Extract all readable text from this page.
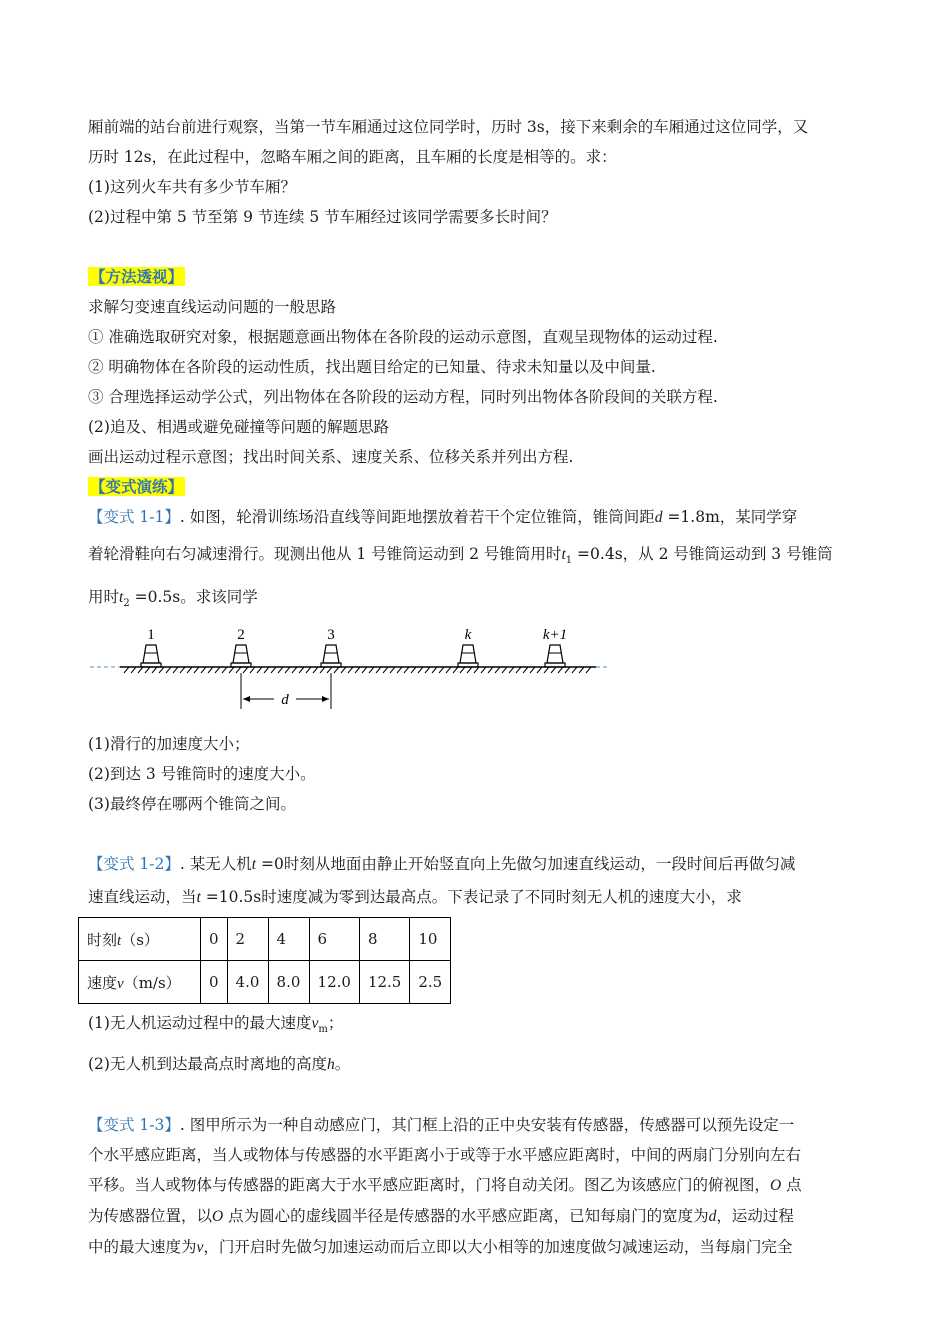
厢前端的站台前进行观察，当第一节车厢通过这位同学时，历时 3s，接下来剩余的车厢通过这位同学，又
历时 12s，在此过程中，忽略车厢之间的距离，且车厢的长度是相等的。求：
(1)这列火车共有多少节车厢？
(2)过程中第 5 节至第 9 节连续 5 节车厢经过该同学需要多长时间？
【方法透视】
求解匀变速直线运动问题的一般思路
① 准确选取研究对象，根据题意画出物体在各阶段的运动示意图，直观呈现物体的运动过程.
② 明确物体在各阶段的运动性质，找出题目给定的已知量、待求未知量以及中间量.
③ 合理选择运动学公式，列出物体在各阶段的运动方程，同时列出物体各阶段间的关联方程.
(2)追及、相遇或避免碰撞等问题的解题思路
画出运动过程示意图；找出时间关系、速度关系、位移关系并列出方程.
【变式演练】
【变式 1-1】. 如图，轮滑训练场沿直线等间距地摆放着若干个定位锥筒，锥筒间距d =1.8m，某同学穿
着轮滑鞋向右匀减速滑行。现测出他从 1 号锥筒运动到 2 号锥筒用时$t_1 =0.4s$，从 2 号锥筒运动到 3 号锥筒
用时$t_2 =0.5s$。求该同学
1	2	3	k	k+1
d
(1)滑行的加速度大小；
(2)到达 3 号锥筒时的速度大小。
(3)最终停在哪两个锥筒之间。
【变式 1-2】. 某无人机t =0时刻从地面由静止开始竖直向上先做匀加速直线运动，一段时间后再做匀减
速直线运动，当t =10.5s时速度减为零到达最高点。下表记录了不同时刻无人机的速度大小，求
时刻t（s）	0	2	4	6	8	10
速度v（m/s）	0	4.0	8.0	12.0	12.5	2.5
(1)无人机运动过程中的最大速度$v_m$；
(2)无人机到达最高点时离地的高度h。
【变式 1-3】. 图甲所示为一种自动感应门，其门框上沿的正中央安装有传感器，传感器可以预先设定一
个水平感应距离，当人或物体与传感器的水平距离小于或等于水平感应距离时，中间的两扇门分别向左右
平移。当人或物体与传感器的距离大于水平感应距离时，门将自动关闭。图乙为该感应门的俯视图，O 点
为传感器位置，以O 点为圆心的虚线圆半径是传感器的水平感应距离，已知每扇门的宽度为d，运动过程
中的最大速度为v，门开启时先做匀加速运动而后立即以大小相等的加速度做匀减速运动，当每扇门完全
